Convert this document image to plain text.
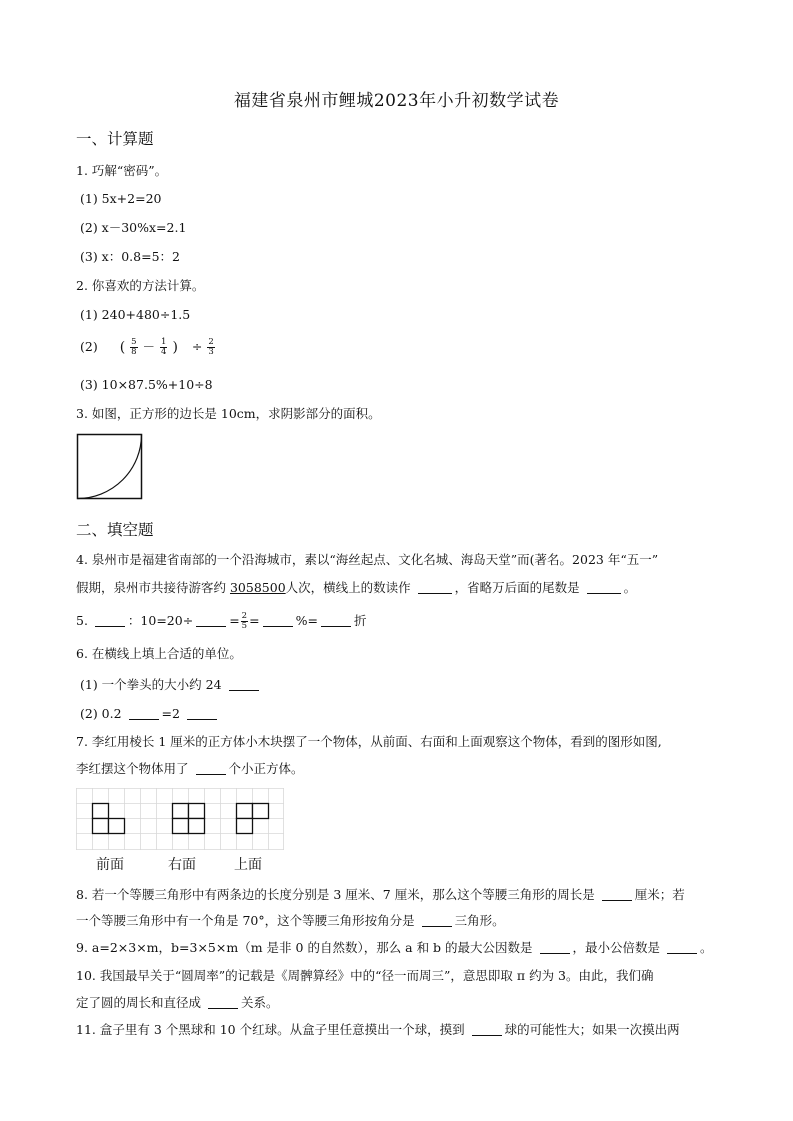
福建省泉州市鲤城2023年小升初数学试卷
一、计算题
1. 巧解“密码”。
(1) 5x+2=20
(2) x－30%x=2.1
(3) x：0.8=5：2
2. 你喜欢的方法计算。
(1) 240+480÷1.5
(2) ( $\frac{5}{8} - \frac{1}{4}$ ) ÷ $\frac{2}{3}$
(3) 10×87.5%+10÷8
3. 如图，正方形的边长是 10cm，求阴影部分的面积。
二、填空题
4. 泉州市是福建省南部的一个沿海城市，素以“海丝起点、文化名城、海岛天堂”而(著名。2023 年“五一”
假期，泉州市共接待游客约 3058500人次，横线上的数读作	，省略万后面的尾数是	。
5.	：10=20÷	= $\frac{2}{5}$ =	%=	折
6. 在横线上填上合适的单位。
(1) 一个拳头的大小约 24
(2) 0.2	=2
7. 李红用棱长 1 厘米的正方体小木块摆了一个物体，从前面、右面和上面观察这个物体，看到的图形如图,
李红摆这个物体用了	个小正方体。
前面	右面	上面
8. 若一个等腰三角形中有两条边的长度分别是 3 厘米、7 厘米，那么这个等腰三角形的周长是	厘米；若
一个等腰三角形中有一个角是 70°，这个等腰三角形按角分是	三角形。
9. a=2×3×m，b=3×5×m（m 是非 0 的自然数），那么 a 和 b 的最大公因数是	，最小公倍数是	。
10. 我国最早关于“圆周率”的记载是《周髀算经》中的“径一而周三”，意思即取 π 约为 3。由此，我们确
定了圆的周长和直径成	关系。
11. 盒子里有 3 个黑球和 10 个红球。从盒子里任意摸出一个球，摸到	球的可能性大；如果一次摸出两
